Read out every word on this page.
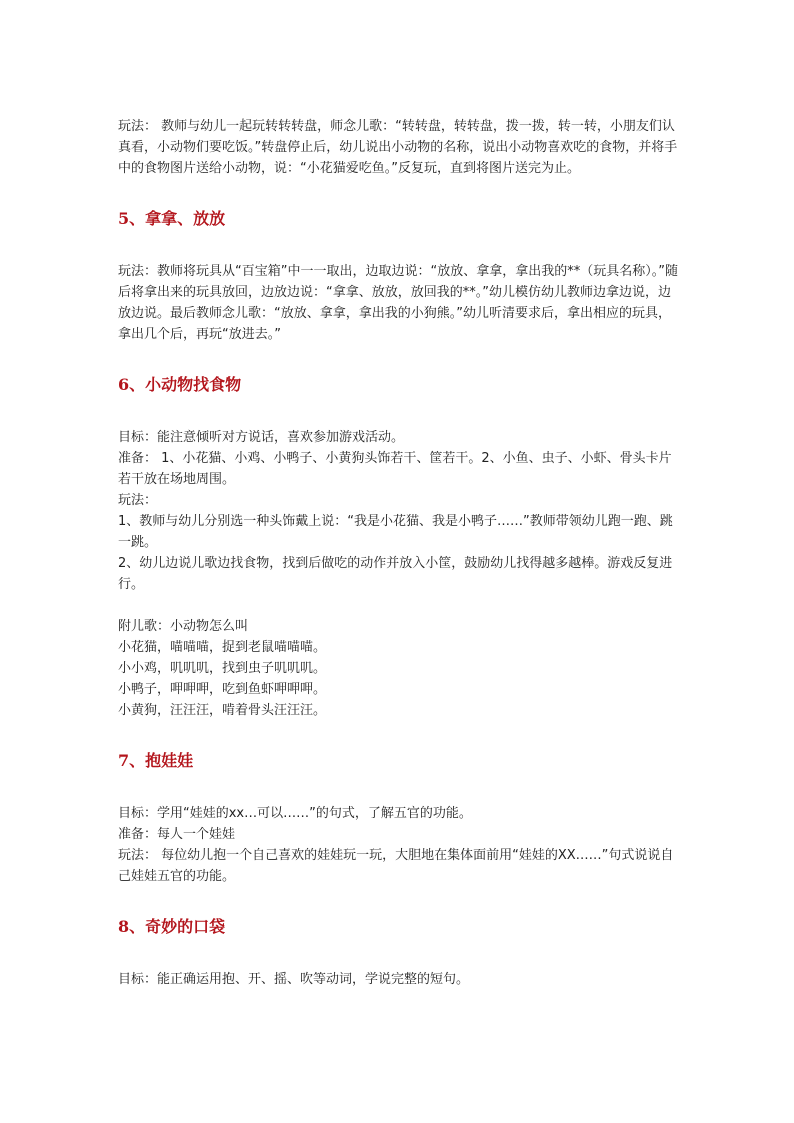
玩法： 教师与幼儿一起玩转转转盘，师念儿歌：“转转盘，转转盘，拨一拨，转一转，小朋友们认真看，小动物们要吃饭。”转盘停止后，幼儿说出小动物的名称，说出小动物喜欢吃的食物，并将手中的食物图片送给小动物，说：“小花猫爱吃鱼。”反复玩，直到将图片送完为止。

5、拿拿、放放

玩法：教师将玩具从“百宝箱”中一一取出，边取边说：“放放、拿拿，拿出我的**（玩具名称）。”随后将拿出来的玩具放回，边放边说：“拿拿、放放，放回我的**。”幼儿模仿幼儿教师边拿边说，边放边说。最后教师念儿歌：“放放、拿拿，拿出我的小狗熊。”幼儿听清要求后，拿出相应的玩具，拿出几个后，再玩“放进去。”

6、小动物找食物

目标：能注意倾听对方说话，喜欢参加游戏活动。

准备： 1、小花猫、小鸡、小鸭子、小黄狗头饰若干、筐若干。2、小鱼、虫子、小虾、骨头卡片若干放在场地周围。

玩法：

1、教师与幼儿分别选一种头饰戴上说：“我是小花猫、我是小鸭子……”教师带领幼儿跑一跑、跳一跳。

2、幼儿边说儿歌边找食物，找到后做吃的动作并放入小筐，鼓励幼儿找得越多越棒。游戏反复进行。

附儿歌：小动物怎么叫

小花猫，喵喵喵，捉到老鼠喵喵喵。

小小鸡，叽叽叽，找到虫子叽叽叽。

小鸭子，呷呷呷，吃到鱼虾呷呷呷。

小黄狗，汪汪汪，啃着骨头汪汪汪。

7、抱娃娃

目标：学用“娃娃的xx…可以……”的句式，了解五官的功能。

准备：每人一个娃娃

玩法： 每位幼儿抱一个自己喜欢的娃娃玩一玩，大胆地在集体面前用“娃娃的XX……”句式说说自己娃娃五官的功能。

8、奇妙的口袋

目标：能正确运用抱、开、摇、吹等动词，学说完整的短句。
